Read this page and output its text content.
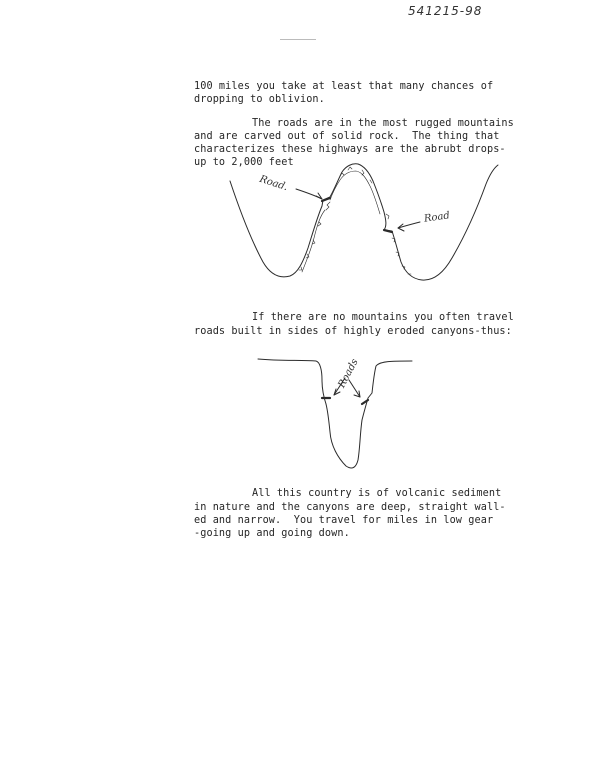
541215-98
100 miles you take at least that many chances of
dropping to oblivion.
The roads are in the most rugged mountains
and are carved out of solid rock.  The thing that
characterizes these highways are the abrubt drops-
up to 2,000 feet
Road.
Road
Roads
If there are no mountains you often travel
roads built in sides of highly eroded canyons-thus:
All this country is of volcanic sediment
in nature and the canyons are deep, straight wall-
ed and narrow.  You travel for miles in low gear
-going up and going down.
